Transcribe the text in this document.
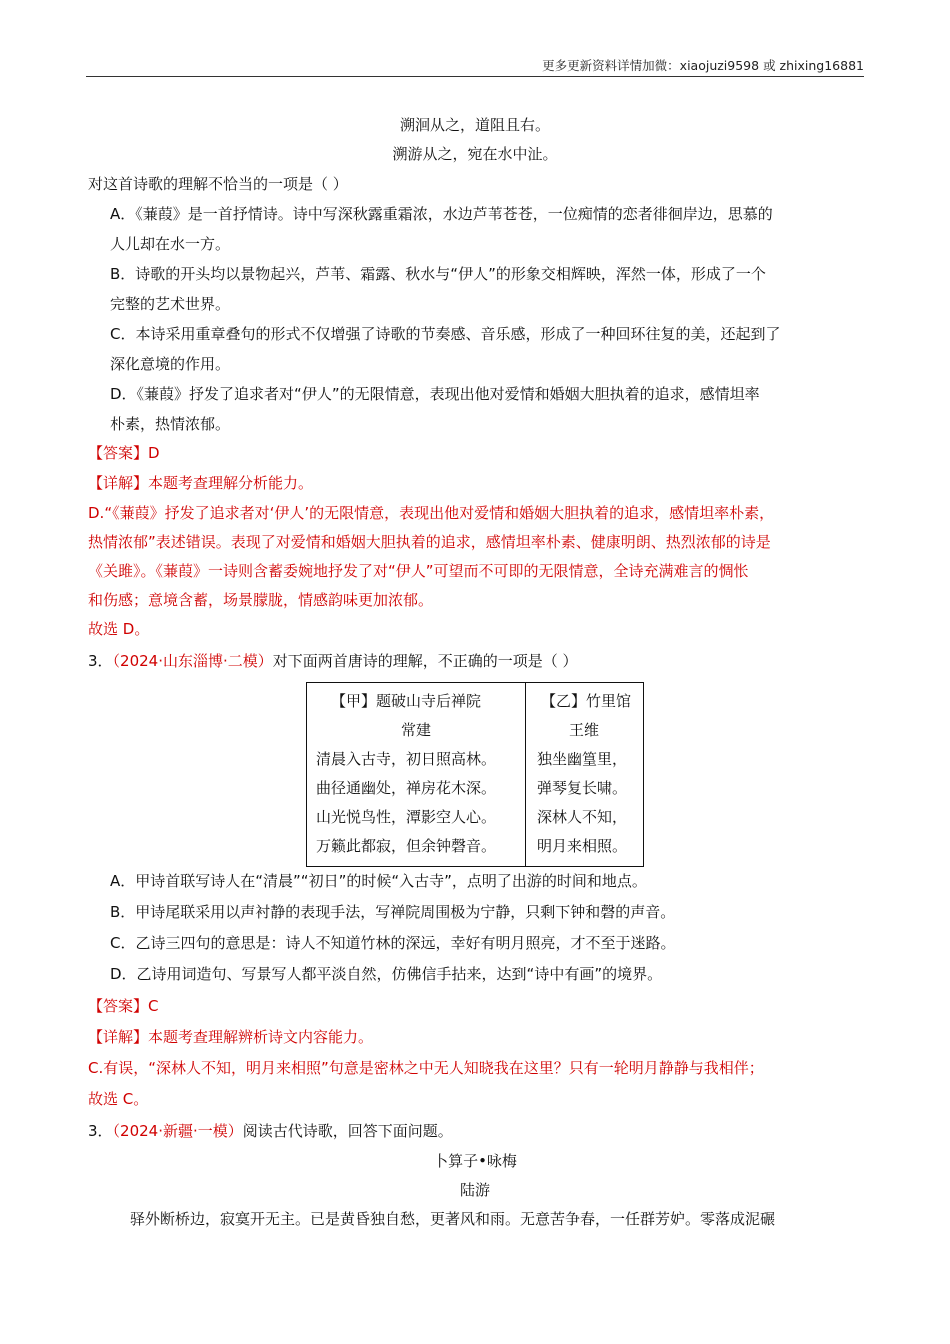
更多更新资料详情加微：xiaojuzi9598 或 zhixing16881
溯洄从之，道阻且右。
溯游从之，宛在水中沚。
对这首诗歌的理解不恰当的一项是（ ）
A．《蒹葭》是一首抒情诗。诗中写深秋露重霜浓，水边芦苇苍苍，一位痴情的恋者徘徊岸边，思慕的
人儿却在水一方。
B．诗歌的开头均以景物起兴，芦苇、霜露、秋水与“伊人”的形象交相辉映，浑然一体，形成了一个
完整的艺术世界。
C．本诗采用重章叠句的形式不仅增强了诗歌的节奏感、音乐感，形成了一种回环往复的美，还起到了
深化意境的作用。
D．《蒹葭》抒发了追求者对“伊人”的无限情意，表现出他对爱情和婚姻大胆执着的追求，感情坦率
朴素，热情浓郁。
【答案】D
【详解】本题考查理解分析能力。
D.“《蒹葭》抒发了追求者对‘伊人’的无限情意，表现出他对爱情和婚姻大胆执着的追求，感情坦率朴素，
热情浓郁”表述错误。表现了对爱情和婚姻大胆执着的追求，感情坦率朴素、健康明朗、热烈浓郁的诗是
《关雎》。《蒹葭》一诗则含蓄委婉地抒发了对“伊人”可望而不可即的无限情意，全诗充满难言的惆怅
和伤感；意境含蓄，场景朦胧，情感韵味更加浓郁。
故选 D。
3．（2024·山东淄博·二模）对下面两首唐诗的理解，不正确的一项是（ ）
【甲】题破山寺后禅院
常建
清晨入古寺，初日照高林。
曲径通幽处，禅房花木深。
山光悦鸟性，潭影空人心。
万籁此都寂，但余钟磬音。
【乙】竹里馆
王维
独坐幽篁里，
弹琴复长啸。
深林人不知，
明月来相照。
A．甲诗首联写诗人在“清晨”“初日”的时候“入古寺”，点明了出游的时间和地点。
B．甲诗尾联采用以声衬静的表现手法，写禅院周围极为宁静，只剩下钟和磬的声音。
C．乙诗三四句的意思是：诗人不知道竹林的深远，幸好有明月照亮，才不至于迷路。
D．乙诗用词造句、写景写人都平淡自然，仿佛信手拈来，达到“诗中有画”的境界。
【答案】C
【详解】本题考查理解辨析诗文内容能力。
C.有误，“深林人不知，明月来相照”句意是密林之中无人知晓我在这里？只有一轮明月静静与我相伴；
故选 C。
3．（2024·新疆·一模）阅读古代诗歌，回答下面问题。
卜算子•咏梅
陆游
驿外断桥边，寂寞开无主。已是黄昏独自愁，更著风和雨。无意苦争春，一任群芳妒。零落成泥碾
